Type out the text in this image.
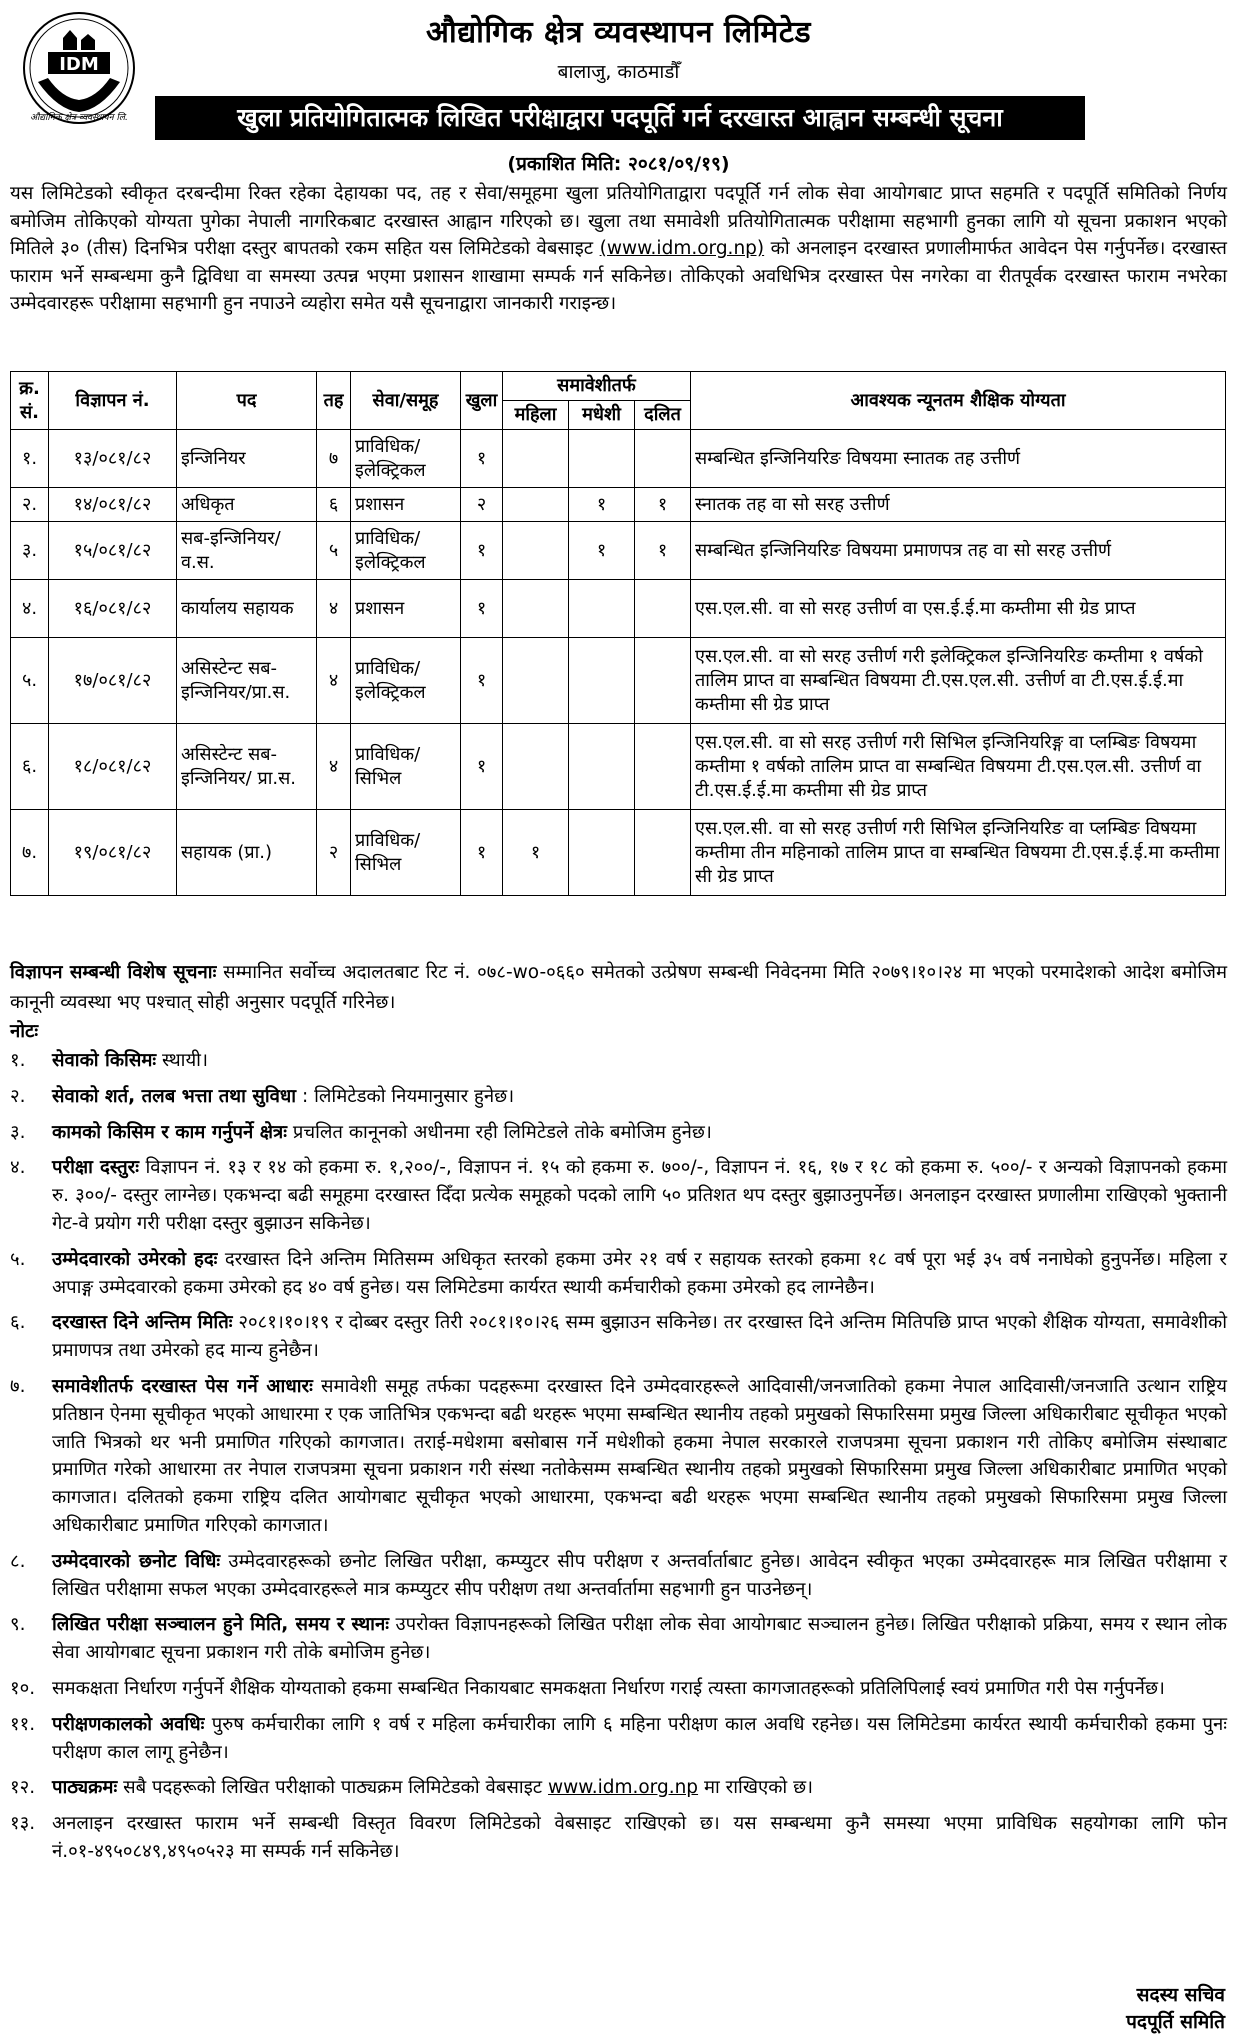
IDM
औद्योगिक क्षेत्र व्यवस्थापन लि.
औद्योगिक क्षेत्र व्यवस्थापन लिमिटेड
बालाजु, काठमाडौँ
खुला प्रतियोगितात्मक लिखित परीक्षाद्वारा पदपूर्ति गर्न दरखास्त आह्वान सम्बन्धी सूचना
(प्रकाशित मिति: २०८१/०९/१९)
यस लिमिटेडको स्वीकृत दरबन्दीमा रिक्त रहेका देहायका पद, तह र सेवा/समूहमा खुला प्रतियोगिताद्वारा पदपूर्ति गर्न लोक सेवा आयोगबाट प्राप्त सहमति र पदपूर्ति समितिको निर्णय बमोजिम तोकिएको योग्यता पुगेका नेपाली नागरिकबाट दरखास्त आह्वान गरिएको छ। खुला तथा समावेशी प्रतियोगितात्मक परीक्षामा सहभागी हुनका लागि यो सूचना प्रकाशन भएको मितिले ३० (तीस) दिनभित्र परीक्षा दस्तुर बापतको रकम सहित यस लिमिटेडको वेबसाइट (www.idm.org.np) को अनलाइन दरखास्त प्रणालीमार्फत आवेदन पेस गर्नुपर्नेछ। दरखास्त फाराम भर्ने सम्बन्धमा कुनै द्विविधा वा समस्या उत्पन्न भएमा प्रशासन शाखामा सम्पर्क गर्न सकिनेछ। तोकिएको अवधिभित्र दरखास्त पेस नगरेका वा रीतपूर्वक दरखास्त फाराम नभरेका उम्मेदवारहरू परीक्षामा सहभागी हुन नपाउने व्यहोरा समेत यसै सूचनाद्वारा जानकारी गराइन्छ।
क्र. सं.	विज्ञापन नं.	पद	तह	सेवा/समूह	खुला	समावेशीतर्फ			आवश्यक न्यूनतम शैक्षिक योग्यता
						महिला	मधेशी	दलित	
१.	१३/०८१/८२	इन्जिनियर	७	प्राविधिक/ इलेक्ट्रिकल	१				सम्बन्धित इन्जिनियरिङ विषयमा स्नातक तह उत्तीर्ण
२.	१४/०८१/८२	अधिकृत	६	प्रशासन	२		१	१	स्नातक तह वा सो सरह उत्तीर्ण
३.	१५/०८१/८२	सब-इन्जिनियर/ व.स.	५	प्राविधिक/ इलेक्ट्रिकल	१		१	१	सम्बन्धित इन्जिनियरिङ विषयमा प्रमाणपत्र तह वा सो सरह उत्तीर्ण
४.	१६/०८१/८२	कार्यालय सहायक	४	प्रशासन	१				एस.एल.सी. वा सो सरह उत्तीर्ण वा एस.ई.ई.मा कम्तीमा सी ग्रेड प्राप्त
५.	१७/०८१/८२	असिस्टेन्ट सब-इन्जिनियर/प्रा.स.	४	प्राविधिक/ इलेक्ट्रिकल	१				एस.एल.सी. वा सो सरह उत्तीर्ण गरी इलेक्ट्रिकल इन्जिनियरिङ कम्तीमा १ वर्षको तालिम प्राप्त वा सम्बन्धित विषयमा टी.एस.एल.सी. उत्तीर्ण वा टी.एस.ई.ई.मा कम्तीमा सी ग्रेड प्राप्त
६.	१८/०८१/८२	असिस्टेन्ट सब-इन्जिनियर/ प्रा.स.	४	प्राविधिक/ सिभिल	१				एस.एल.सी. वा सो सरह उत्तीर्ण गरी सिभिल इन्जिनियरिङ्ग वा प्लम्बिङ विषयमा कम्तीमा १ वर्षको तालिम प्राप्त वा सम्बन्धित विषयमा टी.एस.एल.सी. उत्तीर्ण वा टी.एस.ई.ई.मा कम्तीमा सी ग्रेड प्राप्त
७.	१९/०८१/८२	सहायक (प्रा.)	२	प्राविधिक/ सिभिल	१	१			एस.एल.सी. वा सो सरह उत्तीर्ण गरी सिभिल इन्जिनियरिङ वा प्लम्बिङ विषयमा कम्तीमा तीन महिनाको तालिम प्राप्त वा सम्बन्धित विषयमा टी.एस.ई.ई.मा कम्तीमा सी ग्रेड प्राप्त
विज्ञापन सम्बन्धी विशेष सूचनाः सम्मानित सर्वोच्च अदालतबाट रिट नं. ०७८-wo-०६६० समेतको उत्प्रेषण सम्बन्धी निवेदनमा मिति २०७९।१०।२४ मा भएको परमादेशको आदेश बमोजिम कानूनी व्यवस्था भए पश्चात् सोही अनुसार पदपूर्ति गरिनेछ।
नोटः
१.	सेवाको किसिमः स्थायी।
२.	सेवाको शर्त, तलब भत्ता तथा सुविधा : लिमिटेडको नियमानुसार हुनेछ।
३.	कामको किसिम र काम गर्नुपर्ने क्षेत्रः प्रचलित कानूनको अधीनमा रही लिमिटेडले तोके बमोजिम हुनेछ।
४.	परीक्षा दस्तुरः विज्ञापन नं. १३ र १४ को हकमा रु. १,२००/-, विज्ञापन नं. १५ को हकमा रु. ७००/-, विज्ञापन नं. १६, १७ र १८ को हकमा रु. ५००/- र अन्यको विज्ञापनको हकमा रु. ३००/- दस्तुर लाग्नेछ। एकभन्दा बढी समूहमा दरखास्त दिँदा प्रत्येक समूहको पदको लागि ५० प्रतिशत थप दस्तुर बुझाउनुपर्नेछ। अनलाइन दरखास्त प्रणालीमा राखिएको भुक्तानी गेट-वे प्रयोग गरी परीक्षा दस्तुर बुझाउन सकिनेछ।
५.	उम्मेदवारको उमेरको हदः दरखास्त दिने अन्तिम मितिसम्म अधिकृत स्तरको हकमा उमेर २१ वर्ष र सहायक स्तरको हकमा १८ वर्ष पूरा भई ३५ वर्ष ननाघेको हुनुपर्नेछ। महिला र अपाङ्ग उम्मेदवारको हकमा उमेरको हद ४० वर्ष हुनेछ। यस लिमिटेडमा कार्यरत स्थायी कर्मचारीको हकमा उमेरको हद लाग्नेछैन।
६.	दरखास्त दिने अन्तिम मितिः २०८१।१०।१९ र दोब्बर दस्तुर तिरी २०८१।१०।२६ सम्म बुझाउन सकिनेछ। तर दरखास्त दिने अन्तिम मितिपछि प्राप्त भएको शैक्षिक योग्यता, समावेशीको प्रमाणपत्र तथा उमेरको हद मान्य हुनेछैन।
७.	समावेशीतर्फ दरखास्त पेस गर्ने आधारः समावेशी समूह तर्फका पदहरूमा दरखास्त दिने उम्मेदवारहरूले आदिवासी/जनजातिको हकमा नेपाल आदिवासी/जनजाति उत्थान राष्ट्रिय प्रतिष्ठान ऐनमा सूचीकृत भएको आधारमा र एक जातिभित्र एकभन्दा बढी थरहरू भएमा सम्बन्धित स्थानीय तहको प्रमुखको सिफारिसमा प्रमुख जिल्ला अधिकारीबाट सूचीकृत भएको जाति भित्रको थर भनी प्रमाणित गरिएको कागजात। तराई-मधेशमा बसोबास गर्ने मधेशीको हकमा नेपाल सरकारले राजपत्रमा सूचना प्रकाशन गरी तोकिए बमोजिम संस्थाबाट प्रमाणित गरेको आधारमा तर नेपाल राजपत्रमा सूचना प्रकाशन गरी संस्था नतोकेसम्म सम्बन्धित स्थानीय तहको प्रमुखको सिफारिसमा प्रमुख जिल्ला अधिकारीबाट प्रमाणित भएको कागजात। दलितको हकमा राष्ट्रिय दलित आयोगबाट सूचीकृत भएको आधारमा, एकभन्दा बढी थरहरू भएमा सम्बन्धित स्थानीय तहको प्रमुखको सिफारिसमा प्रमुख जिल्ला अधिकारीबाट प्रमाणित गरिएको कागजात।
८.	उम्मेदवारको छनोट विधिः उम्मेदवारहरूको छनोट लिखित परीक्षा, कम्प्युटर सीप परीक्षण र अन्तर्वार्ताबाट हुनेछ। आवेदन स्वीकृत भएका उम्मेदवारहरू मात्र लिखित परीक्षामा र लिखित परीक्षामा सफल भएका उम्मेदवारहरूले मात्र कम्प्युटर सीप परीक्षण तथा अन्तर्वार्तामा सहभागी हुन पाउनेछन्।
९.	लिखित परीक्षा सञ्चालन हुने मिति, समय र स्थानः उपरोक्त विज्ञापनहरूको लिखित परीक्षा लोक सेवा आयोगबाट सञ्चालन हुनेछ। लिखित परीक्षाको प्रक्रिया, समय र स्थान लोक सेवा आयोगबाट सूचना प्रकाशन गरी तोके बमोजिम हुनेछ।
१०. समकक्षता निर्धारण गर्नुपर्ने शैक्षिक योग्यताको हकमा सम्बन्धित निकायबाट समकक्षता निर्धारण गराई त्यस्ता कागजातहरूको प्रतिलिपिलाई स्वयं प्रमाणित गरी पेस गर्नुपर्नेछ।
११. परीक्षणकालको अवधिः पुरुष कर्मचारीका लागि १ वर्ष र महिला कर्मचारीका लागि ६ महिना परीक्षण काल अवधि रहनेछ। यस लिमिटेडमा कार्यरत स्थायी कर्मचारीको हकमा पुनः परीक्षण काल लागू हुनेछैन।
१२. पाठ्यक्रमः सबै पदहरूको लिखित परीक्षाको पाठ्यक्रम लिमिटेडको वेबसाइट www.idm.org.np मा राखिएको छ।
१३. अनलाइन दरखास्त फाराम भर्ने सम्बन्धी विस्तृत विवरण लिमिटेडको वेबसाइट राखिएको छ। यस सम्बन्धमा कुनै समस्या भएमा प्राविधिक सहयोगका लागि फोन नं.०१-४९५०८४९,४९५०५२३ मा सम्पर्क गर्न सकिनेछ।
सदस्य सचिव
पदपूर्ति समिति
